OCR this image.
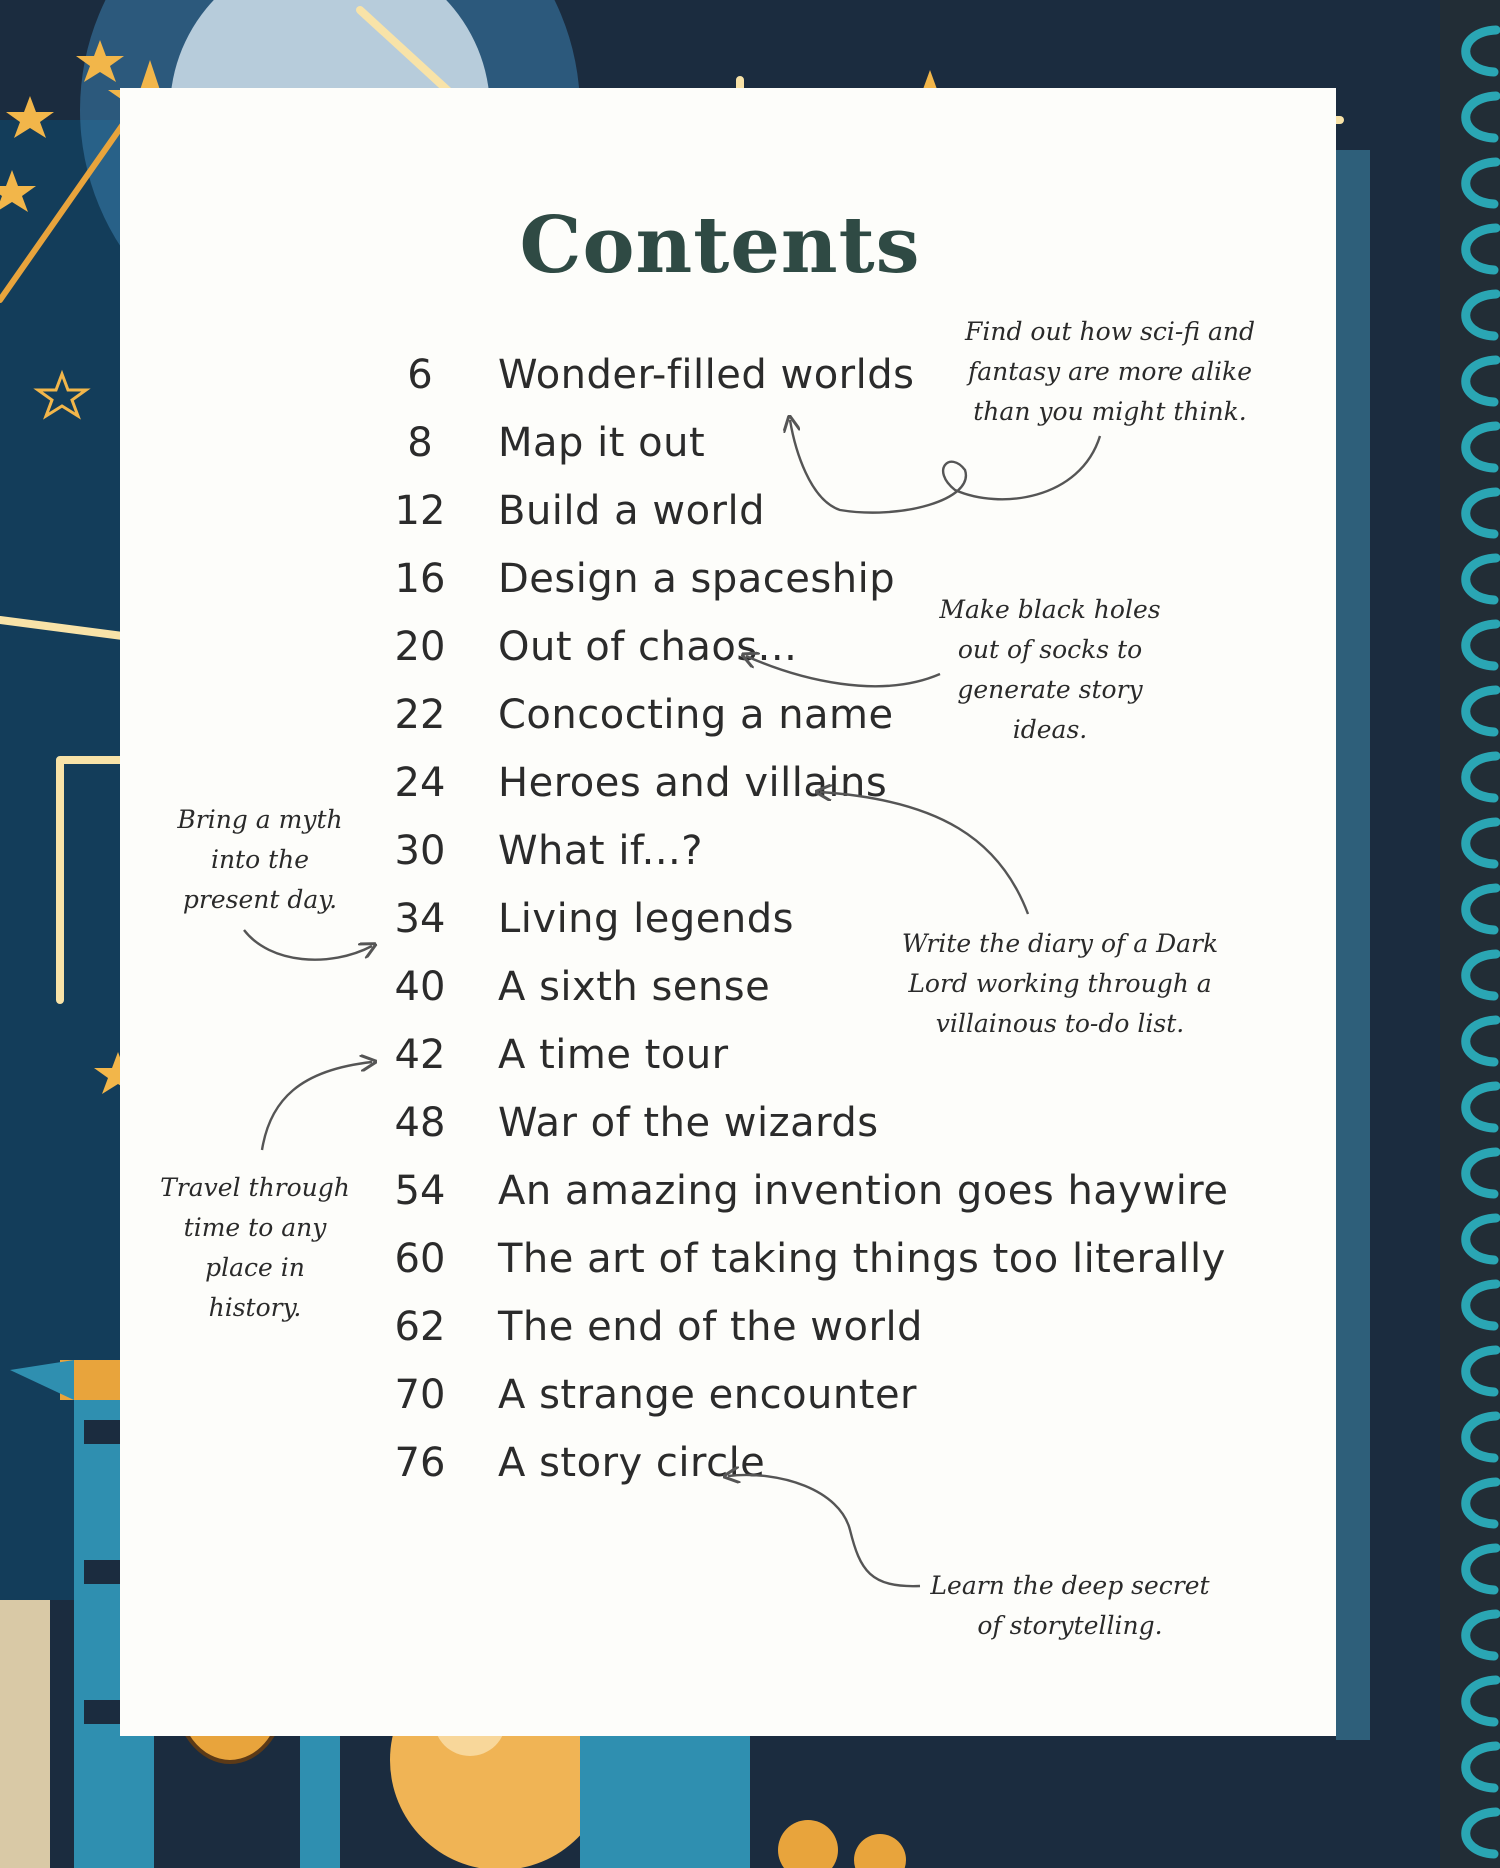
Contents
6	Wonder-filled worlds
8	Map it out
12	Build a world
16	Design a spaceship
20	Out of chaos...
22	Concocting a name
24	Heroes and villains
30	What if...?
34	Living legends
40	A sixth sense
42	A time tour
48	War of the wizards
54	An amazing invention goes haywire
60	The art of taking things too literally
62	The end of the world
70	A strange encounter
76	A story circle
Find out how sci-fi and
fantasy are more alike
than you might think.
Make black holes
out of socks to
generate story
ideas.
Bring a myth
into the
present day.
Write the diary of a Dark
Lord working through a
villainous to-do list.
Travel through
time to any
place in
history.
Learn the deep secret
of storytelling.
